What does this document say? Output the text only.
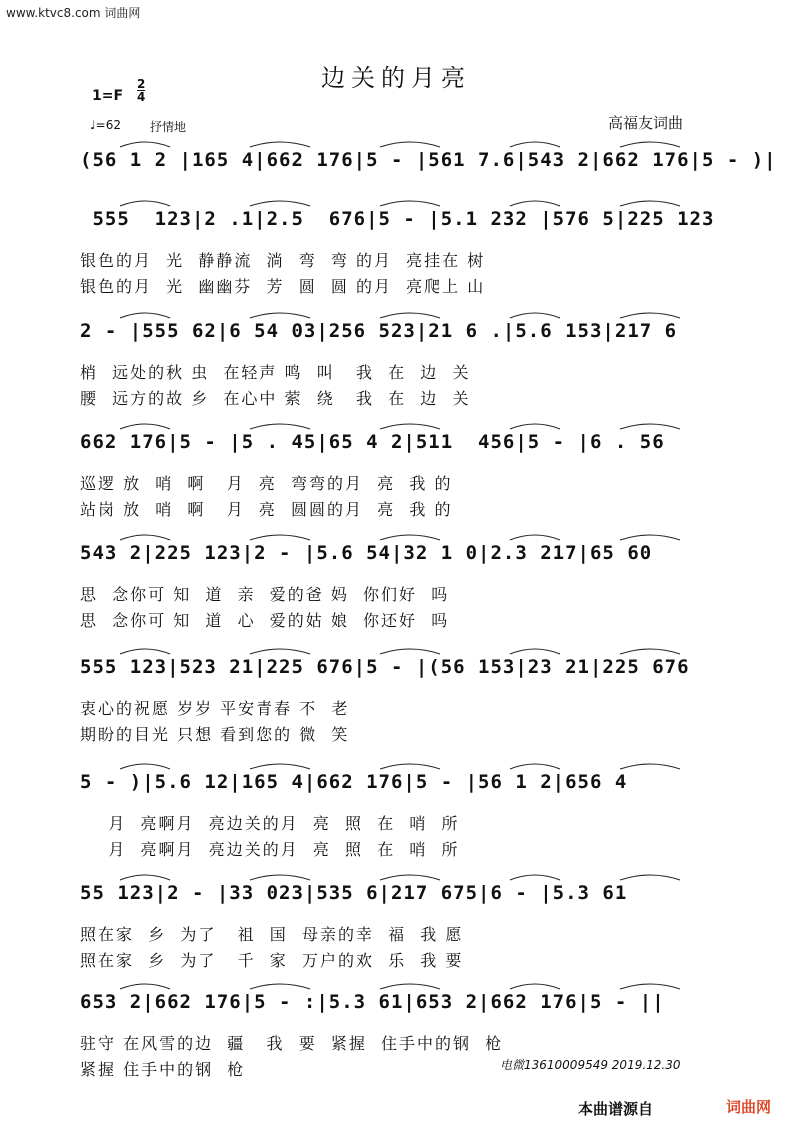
www.ktvc8.com 词曲网
边关的月亮
1=F
2
4
♩=62 抒情地	高福友词曲
(56 1 2 |165 4|662 176|5 - |561 7.6|543 2|662 176|5 - )|
555  123|2 .1|2.5  676|5 - |5.1 232 |576 5|225 123
银色的月  光  静静流  淌  弯  弯 的月  亮挂在 树
银色的月  光  幽幽芬  芳  圆  圆 的月  亮爬上 山
2 - |555 62|6 54 03|256 523|21 6 .|5.6 153|217 6
梢  远处的秋 虫  在轻声 鸣  叫   我  在  边  关
腰  远方的故 乡  在心中 萦  绕   我  在  边  关
662 176|5 - |5 . 45|65 4 2|511  456|5 - |6 . 56
巡逻 放  哨  啊   月  亮  弯弯的月  亮  我 的
站岗 放  哨  啊   月  亮  圆圆的月  亮  我 的
543 2|225 123|2 - |5.6 54|32 1 0|2.3 217|65 60
思  念你可 知  道  亲  爱的爸 妈  你们好  吗
思  念你可 知  道  心  爱的姑 娘  你还好  吗
555 123|523 21|225 676|5 - |(56 153|23 21|225 676
衷心的祝愿 岁岁 平安青春 不  老
期盼的目光 只想 看到您的 微  笑
5 - )|5.6 12|165 4|662 176|5 - |56 1 2|656 4
月  亮啊月  亮边关的月  亮  照  在  哨  所
月  亮啊月  亮边关的月  亮  照  在  哨  所
55 123|2 - |33 023|535 6|217 675|6 - |5.3 61
照在家  乡  为了   祖  国  母亲的幸  福  我 愿
照在家  乡  为了   千  家  万户的欢  乐  我 要
653 2|662 176|5 - :|5.3 61|653 2|662 176|5 - ||
驻守 在风雪的边  疆   我  要  紧握  住手中的钢  枪
紧握 住手中的钢  枪	电微13610009549 2019.12.30
本曲谱源自	词曲网
